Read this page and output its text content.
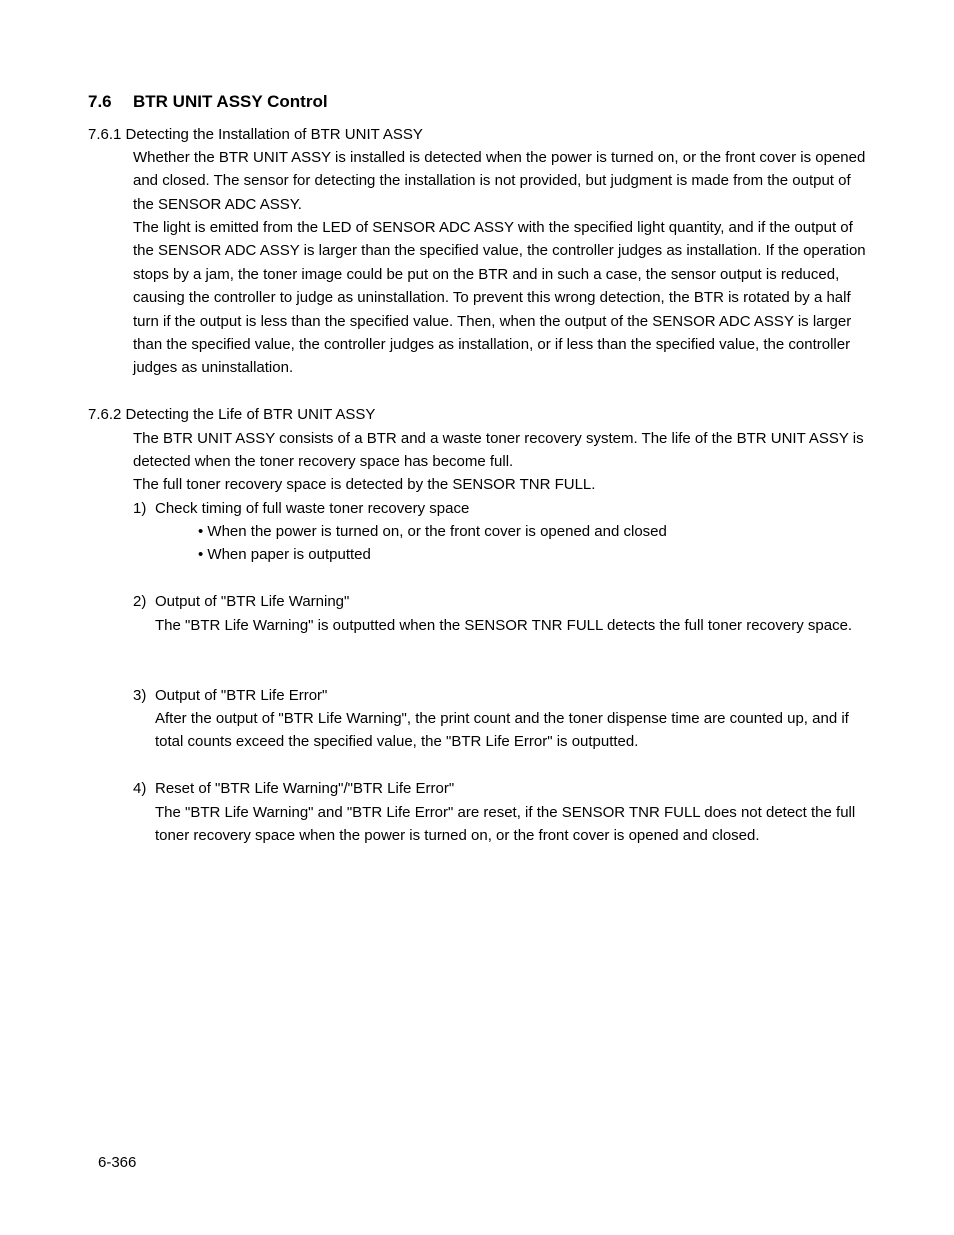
7.6 BTR UNIT ASSY Control
7.6.1 Detecting the Installation of BTR UNIT ASSY

Whether the BTR UNIT ASSY is installed is detected when the power is turned on, or the front cover is opened and closed. The sensor for detecting the installation is not provided, but judgment is made from the output of the SENSOR ADC ASSY.

The light is emitted from the LED of SENSOR ADC ASSY with the specified light quantity, and if the output of the SENSOR ADC ASSY is larger than the specified value, the controller judges as installation. If the operation stops by a jam, the toner image could be put on the BTR and in such a case, the sensor output is reduced, causing the controller to judge as uninstallation. To prevent this wrong detection, the BTR is rotated by a half turn if the output is less than the specified value. Then, when the output of the SENSOR ADC ASSY is larger than the specified value, the controller judges as installation, or if less than the specified value, the controller judges as uninstallation.

7.6.2 Detecting the Life of BTR UNIT ASSY

The BTR UNIT ASSY consists of a BTR and a waste toner recovery system. The life of the BTR UNIT ASSY is detected when the toner recovery space has become full.

The full toner recovery space is detected by the SENSOR TNR FULL.

1) Check timing of full waste toner recovery space
• When the power is turned on, or the front cover is opened and closed
• When paper is outputted
2) Output of "BTR Life Warning"
The "BTR Life Warning" is outputted when the SENSOR TNR FULL detects the full toner recovery space.
3) Output of "BTR Life Error"
After the output of "BTR Life Warning", the print count and the toner dispense time are counted up, and if total counts exceed the specified value, the "BTR Life Error" is outputted.
4) Reset of "BTR Life Warning"/"BTR Life Error"
The "BTR Life Warning" and "BTR Life Error" are reset, if the SENSOR TNR FULL does not detect the full toner recovery space when the power is turned on, or the front cover is opened and closed.
6-366
